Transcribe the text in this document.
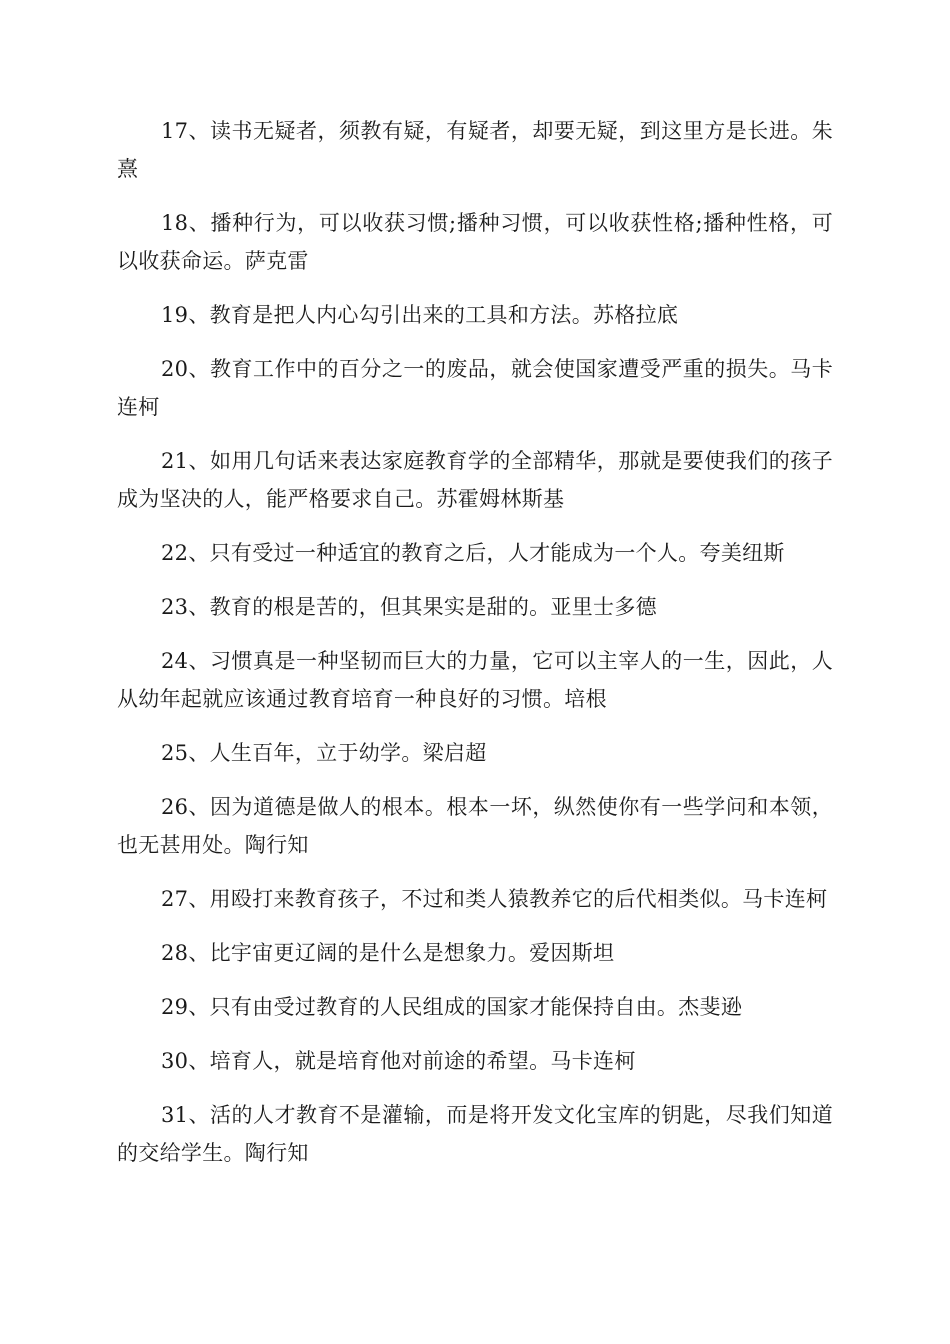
17、读书无疑者，须教有疑，有疑者，却要无疑，到这里方是长进。朱熹

18、播种行为，可以收获习惯;播种习惯，可以收获性格;播种性格，可以收获命运。萨克雷

19、教育是把人内心勾引出来的工具和方法。苏格拉底

20、教育工作中的百分之一的废品，就会使国家遭受严重的损失。马卡连柯

21、如用几句话来表达家庭教育学的全部精华，那就是要使我们的孩子成为坚决的人，能严格要求自己。苏霍姆林斯基

22、只有受过一种适宜的教育之后，人才能成为一个人。夸美纽斯

23、教育的根是苦的，但其果实是甜的。亚里士多德

24、习惯真是一种坚韧而巨大的力量，它可以主宰人的一生，因此，人从幼年起就应该通过教育培育一种良好的习惯。培根

25、人生百年，立于幼学。梁启超

26、因为道德是做人的根本。根本一坏，纵然使你有一些学问和本领，也无甚用处。陶行知

27、用殴打来教育孩子，不过和类人猿教养它的后代相类似。马卡连柯

28、比宇宙更辽阔的是什么是想象力。爱因斯坦

29、只有由受过教育的人民组成的国家才能保持自由。杰斐逊

30、培育人，就是培育他对前途的希望。马卡连柯

31、活的人才教育不是灌输，而是将开发文化宝库的钥匙，尽我们知道的交给学生。陶行知
